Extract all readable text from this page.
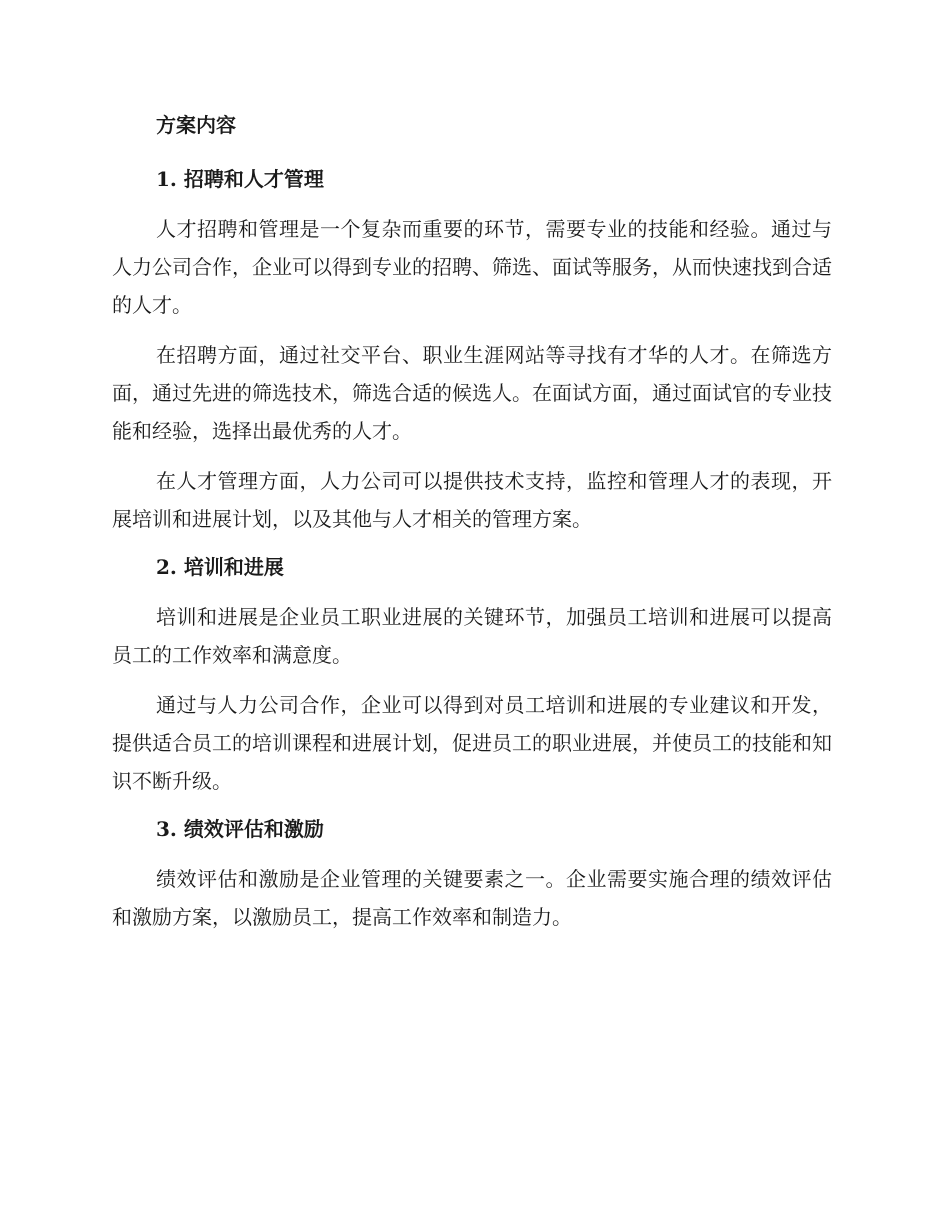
方案内容
1. 招聘和人才管理

人才招聘和管理是一个复杂而重要的环节，需要专业的技能和经验。通过与人力公司合作，企业可以得到专业的招聘、筛选、面试等服务，从而快速找到合适的人才。

在招聘方面，通过社交平台、职业生涯网站等寻找有才华的人才。在筛选方面，通过先进的筛选技术，筛选合适的候选人。在面试方面，通过面试官的专业技能和经验，选择出最优秀的人才。

在人才管理方面，人力公司可以提供技术支持，监控和管理人才的表现，开展培训和进展计划，以及其他与人才相关的管理方案。

2. 培训和进展

培训和进展是企业员工职业进展的关键环节，加强员工培训和进展可以提高员工的工作效率和满意度。

通过与人力公司合作，企业可以得到对员工培训和进展的专业建议和开发，提供适合员工的培训课程和进展计划，促进员工的职业进展，并使员工的技能和知识不断升级。

3. 绩效评估和激励

绩效评估和激励是企业管理的关键要素之一。企业需要实施合理的绩效评估和激励方案，以激励员工，提高工作效率和制造力。
